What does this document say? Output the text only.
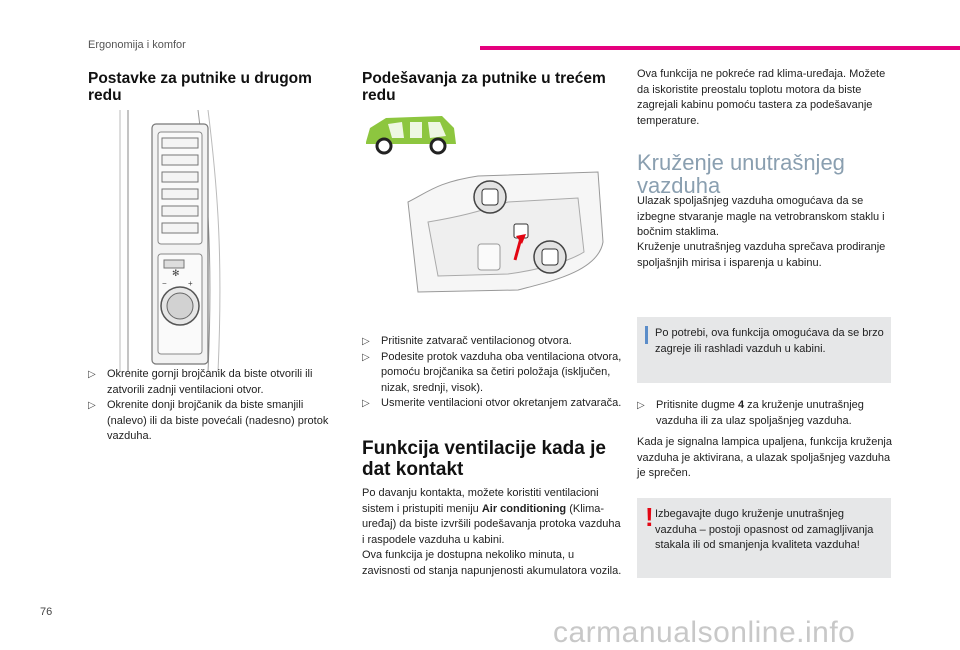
Ergonomija i komfor
Postavke za putnike u drugom redu
✻
−	+
▷ Okrenite gornji brojčanik da biste otvorili ili zatvorili zadnji ventilacioni otvor.
▷ Okrenite donji brojčanik da biste smanjili (nalevo) ili da biste povećali (nadesno) protok vazduha.
Podešavanja za putnike u trećem redu
▷ Pritisnite zatvarač ventilacionog otvora.
▷ Podesite protok vazduha oba ventilaciona otvora, pomoću brojčanika sa četiri položaja (isključen, nizak, srednji, visok).
▷ Usmerite ventilacioni otvor okretanjem zatvarača.
Funkcija ventilacije kada je dat kontakt
Po davanju kontakta, možete koristiti ventilacioni sistem i pristupiti meniju Air conditioning (Klima-uređaj) da biste izvršili podešavanja protoka vazduha i raspodele vazduha u kabini.
Ova funkcija je dostupna nekoliko minuta, u zavisnosti od stanja napunjenosti akumulatora vozila.
Ova funkcija ne pokreće rad klima-uređaja. Možete da iskoristite preostalu toplotu motora da biste zagrejali kabinu pomoću tastera za podešavanje temperature.
Kruženje unutrašnjeg vazduha
Ulazak spoljašnjeg vazduha omogućava da se izbegne stvaranje magle na vetrobranskom staklu i bočnim staklima.
Kruženje unutrašnjeg vazduha sprečava prodiranje spoljašnjih mirisa i isparenja u kabinu.
Po potrebi, ova funkcija omogućava da se brzo zagreje ili rashladi vazduh u kabini.
▷ Pritisnite dugme 4 za kruženje unutrašnjeg vazduha ili za ulaz spoljašnjeg vazduha.
Kada je signalna lampica upaljena, funkcija kruženja vazduha je aktivirana, a ulazak spoljašnjeg vazduha je sprečen.
! Izbegavajte dugo kruženje unutrašnjeg vazduha – postoji opasnost od zamagljivanja stakala ili od smanjenja kvaliteta vazduha!
76
carmanualsonline.info
